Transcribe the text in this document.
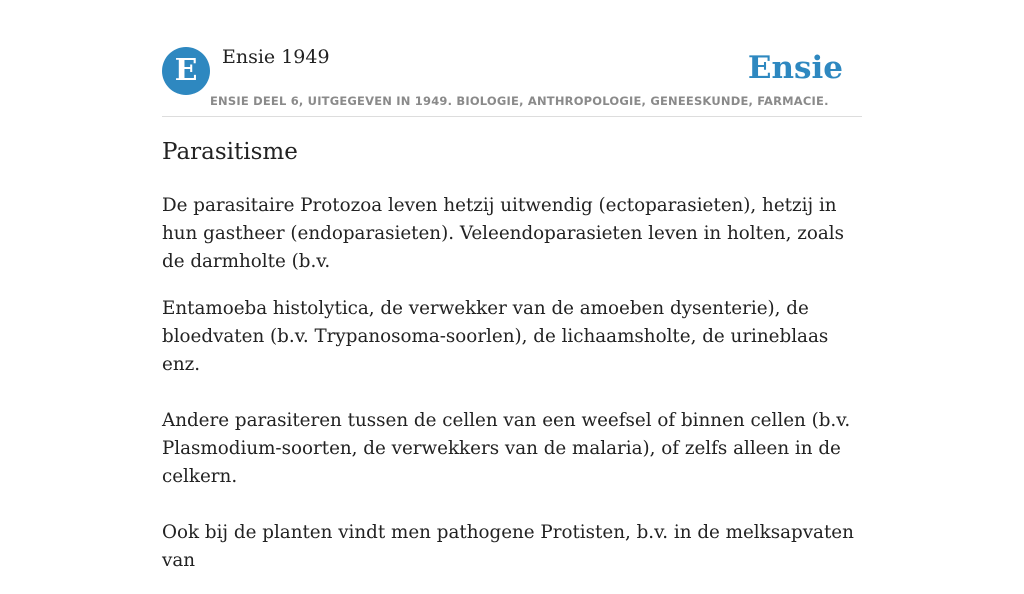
E	Ensie 1949	Ensie
ENSIE DEEL 6, UITGEGEVEN IN 1949. BIOLOGIE, ANTHROPOLOGIE, GENEESKUNDE, FARMACIE.
Parasitisme

De parasitaire Protozoa leven hetzij uitwendig (ectoparasieten), hetzij in hun gastheer (endoparasieten). Veleendoparasieten leven in holten, zoals de darmholte (b.v.

Entamoeba histolytica, de verwekker van de amoeben dysenterie), de bloedvaten (b.v. Trypanosoma-soorlen), de lichaamsholte, de urineblaas enz.

Andere parasiteren tussen de cellen van een weefsel of binnen cellen (b.v. Plasmodium-soorten, de verwekkers van de malaria), of zelfs alleen in de celkern.

Ook bij de planten vindt men pathogene Protisten, b.v. in de melksapvaten van
